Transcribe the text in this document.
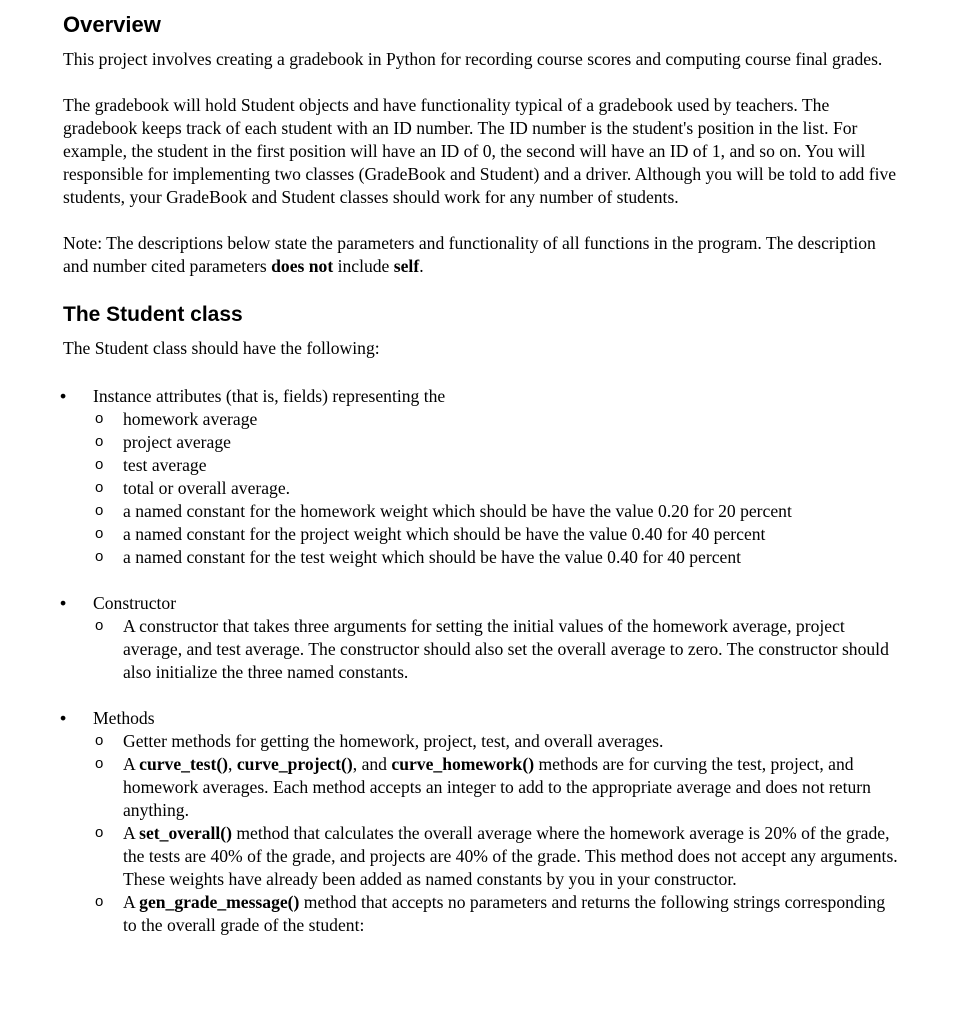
Overview

This project involves creating a gradebook in Python for recording course scores and computing course final grades.

The gradebook will hold Student objects and have functionality typical of a gradebook used by teachers. The gradebook keeps track of each student with an ID number. The ID number is the student's position in the list. For example, the student in the first position will have an ID of 0, the second will have an ID of 1, and so on. You will responsible for implementing two classes (GradeBook and Student) and a driver. Although you will be told to add five students, your GradeBook and Student classes should work for any number of students.

Note: The descriptions below state the parameters and functionality of all functions in the program. The description and number cited parameters does not include self.

The Student class

The Student class should have the following:

• Instance attributes (that is, fields) representing the
o homework average
o project average
o test average
o total or overall average.
o a named constant for the homework weight which should be have the value 0.20 for 20 percent
o a named constant for the project weight which should be have the value 0.40 for 40 percent
o a named constant for the test weight which should be have the value 0.40 for 40 percent
• Constructor
o A constructor that takes three arguments for setting the initial values of the homework average, project average, and test average. The constructor should also set the overall average to zero. The constructor should also initialize the three named constants.
• Methods
o Getter methods for getting the homework, project, test, and overall averages.
o A curve_test(), curve_project(), and curve_homework() methods are for curving the test, project, and homework averages. Each method accepts an integer to add to the appropriate average and does not return anything.
o A set_overall() method that calculates the overall average where the homework average is 20% of the grade, the tests are 40% of the grade, and projects are 40% of the grade. This method does not accept any arguments. These weights have already been added as named constants by you in your constructor.
o A gen_grade_message() method that accepts no parameters and returns the following strings corresponding to the overall grade of the student:
